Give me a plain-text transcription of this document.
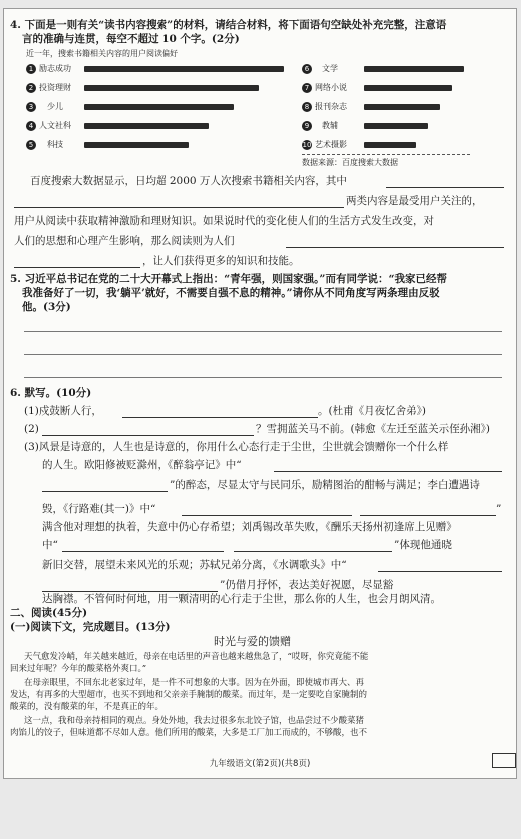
4. 下面是一则有关“读书内容搜索”的材料，请结合材料，将下面语句空缺处补充完整，注意语
言的准确与连贯，每空不超过 10 个字。(2分)
近一年，搜索书籍相关内容的用户阅读偏好
1 励志成功
2 投资理财
3	少儿
4 人文社科
5	科技
6	文学
7 网络小说
8 报刊杂志
9	教辅
10 艺术摄影
数据来源：百度搜索大数据
百度搜索大数据显示，日均超 2000 万人次搜索书籍相关内容，其中
两类内容是最受用户关注的，
用户从阅读中获取精神激励和理财知识。如果说时代的变化使人们的生活方式发生改变，对
人们的思想和心理产生影响，那么阅读则为人们
，让人们获得更多的知识和技能。
5. 习近平总书记在党的二十大开幕式上指出：“青年强，则国家强。”而有同学说：“我家已经帮
我准备好了一切，我‘躺平’就好，不需要自强不息的精神。”请你从不同角度写两条理由反驳
他。(3分)
6. 默写。(10分)
(1)戍鼓断人行，	。(杜甫《月夜忆舍弟》)
(2)	？雪拥蓝关马不前。(韩愈《左迁至蓝关示侄孙湘》)
(3)风景是诗意的，人生也是诗意的，你用什么心态行走于尘世，尘世就会馈赠你一个什么样
的人生。欧阳修被贬滁州，《醉翁亭记》中“
”的醉态，尽显太守与民同乐，励精图治的酣畅与满足；李白遭遇诗
毁，《行路难(其一)》中“	”
满含他对理想的执着，失意中仍心存希望；刘禹锡改革失败，《酬乐天扬州初逢席上见赠》
中“	”体现他通晓
新旧交替，展望未来风光的乐观；苏轼兄弟分离，《水调歌头》中“
”仍借月抒怀，表达美好祝愿，尽显豁
达胸襟。不管何时何地，用一颗清明的心行走于尘世，那么你的人生，也会月朗风清。
二、阅读(45分)
(一)阅读下文，完成题目。(13分)
时光与爱的馈赠
天气愈发冷峭，年关越来越近，母亲在电话里的声音也越来越焦急了，“哎呀，你究竟能不能
回来过年呢？今年的酸菜格外爽口。”
在母亲眼里，不回东北老家过年，是一件不可想象的大事。因为在外面，即使城市再大、再
发达，有再多的大型超市，也买不到地和父亲亲手腌制的酸菜。而过年，是一定要吃自家腌制的
酸菜的，没有酸菜的年，不是真正的年。
这一点，我和母亲持相同的观点。身处外地，我去过很多东北饺子馆，也品尝过不少酸菜猪
肉馅儿的饺子，但味道都不尽如人意。他们所用的酸菜，大多是工厂加工而成的，不够酸，也不
九年级语文(第2页)(共8页)
